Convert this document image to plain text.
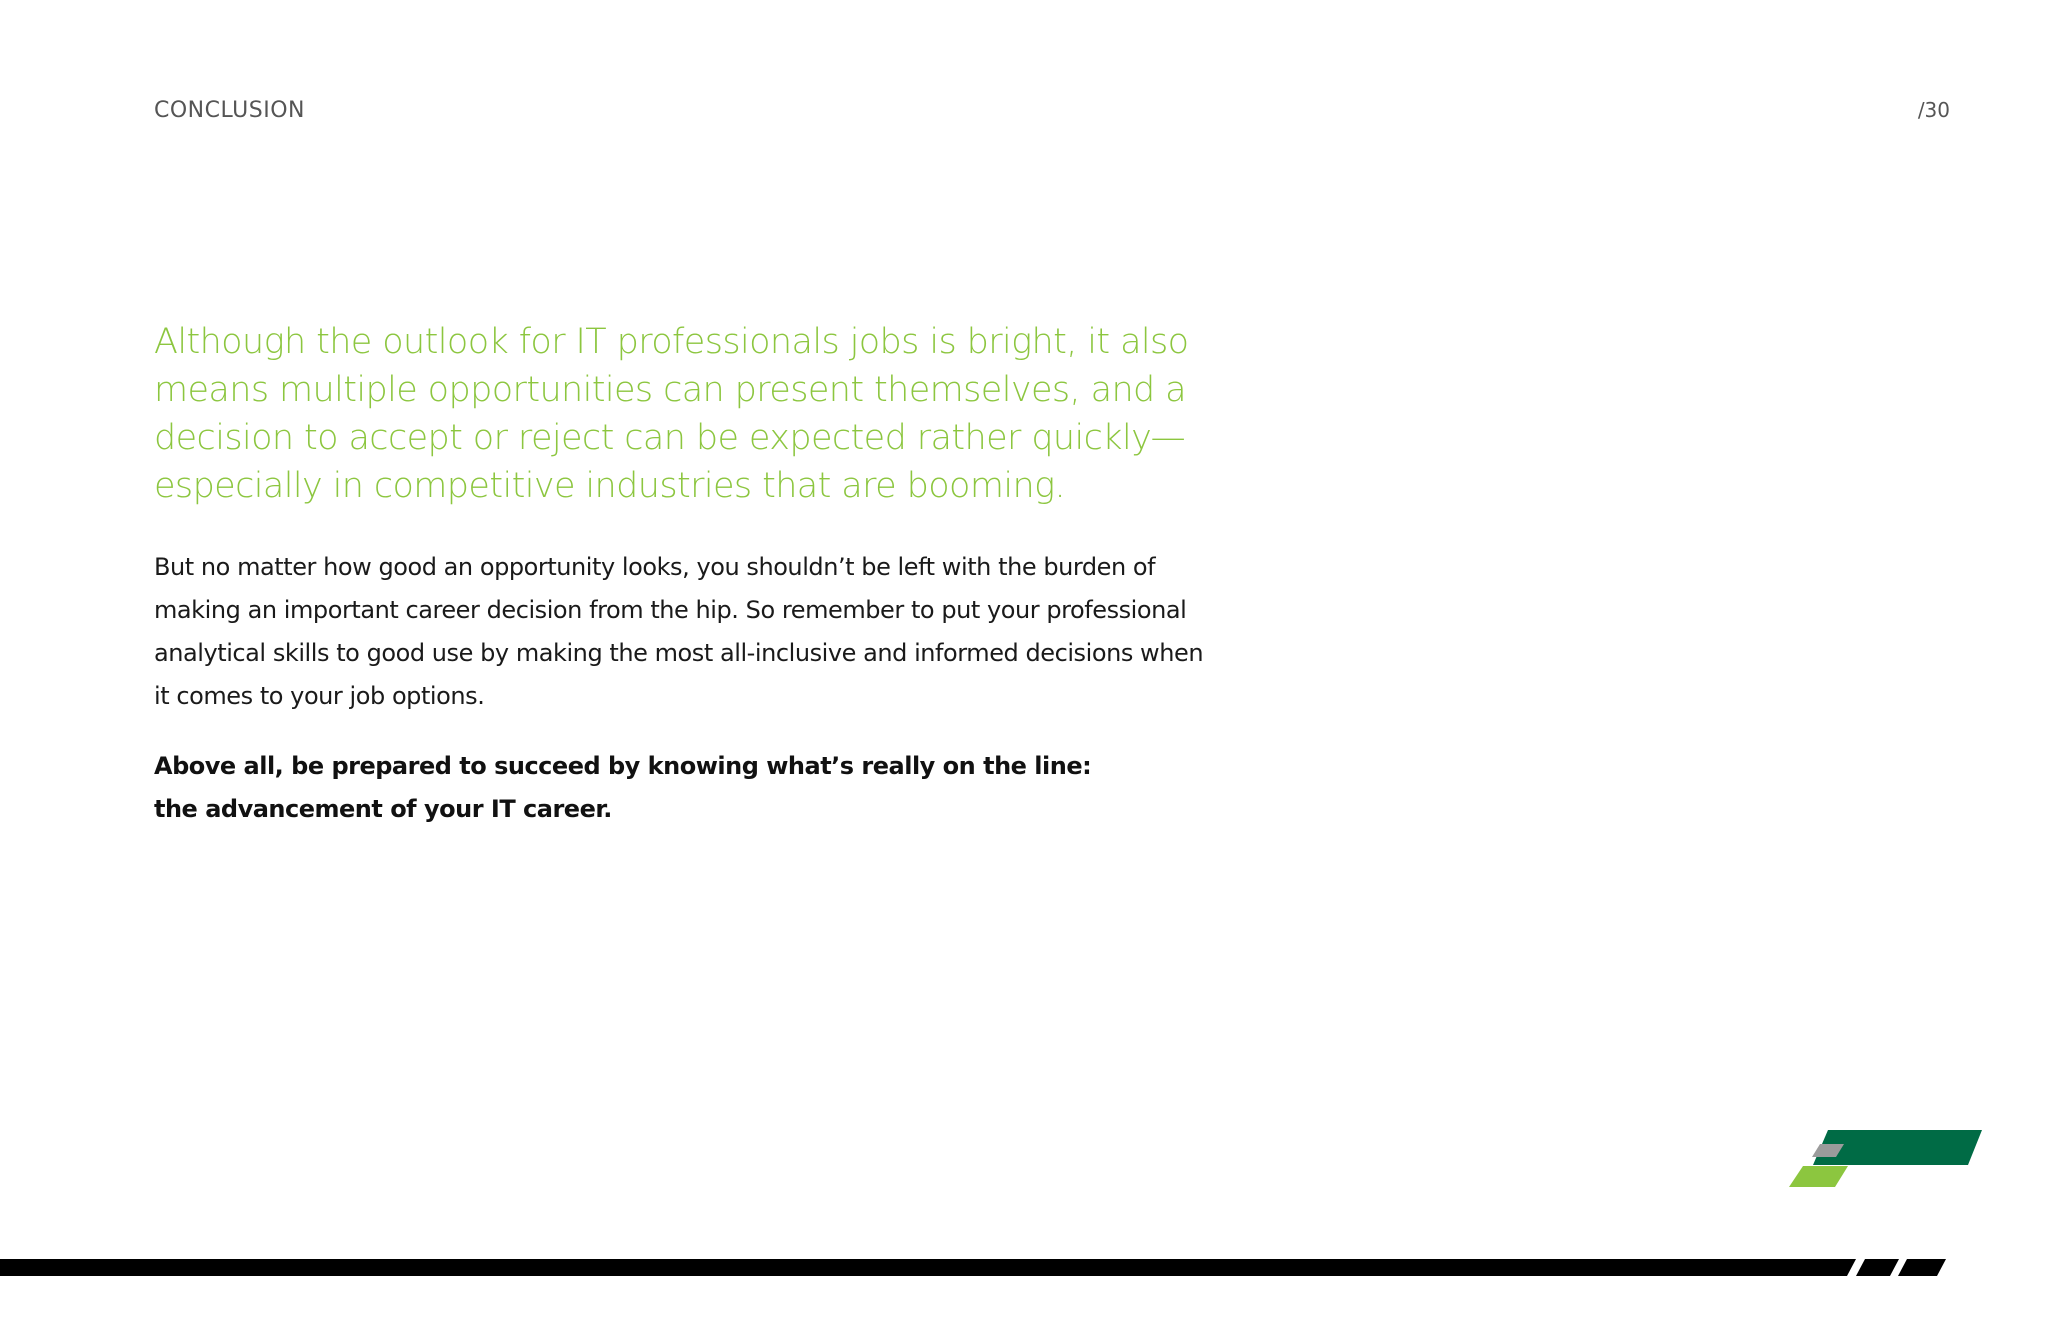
CONCLUSION	/30

Although the outlook for IT professionals jobs is bright, it also means multiple opportunities can present themselves, and a decision to accept or reject can be expected rather quickly—especially in competitive industries that are booming.

But no matter how good an opportunity looks, you shouldn’t be left with the burden of making an important career decision from the hip. So remember to put your professional analytical skills to good use by making the most all-inclusive and informed decisions when it comes to your job options.

Above all, be prepared to succeed by knowing what’s really on the line:
the advancement of your IT career.
